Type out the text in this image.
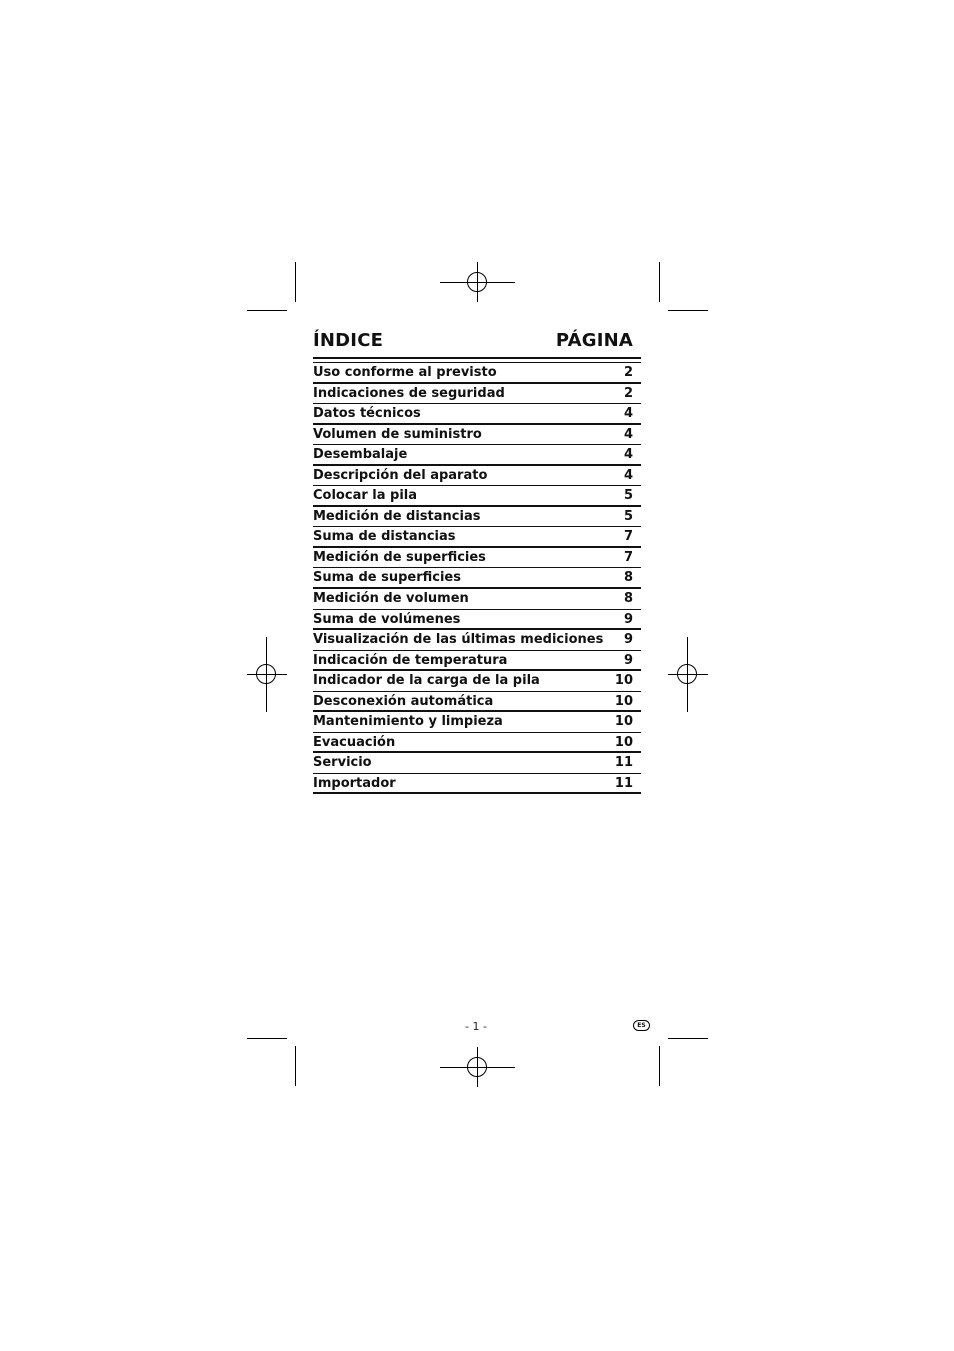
ÍNDICE	PÁGINA
Uso conforme al previsto	2
Indicaciones de seguridad	2
Datos técnicos	4
Volumen de suministro	4
Desembalaje	4
Descripción del aparato	4
Colocar la pila	5
Medición de distancias	5
Suma de distancias	7
Medición de superficies	7
Suma de superficies	8
Medición de volumen	8
Suma de volúmenes	9
Visualización de las últimas mediciones 9
Indicación de temperatura	9
Indicador de la carga de la pila	10
Desconexión automática	10
Mantenimiento y limpieza	10
Evacuación	10
Servicio	11
Importador	11
- 1 -	ES
